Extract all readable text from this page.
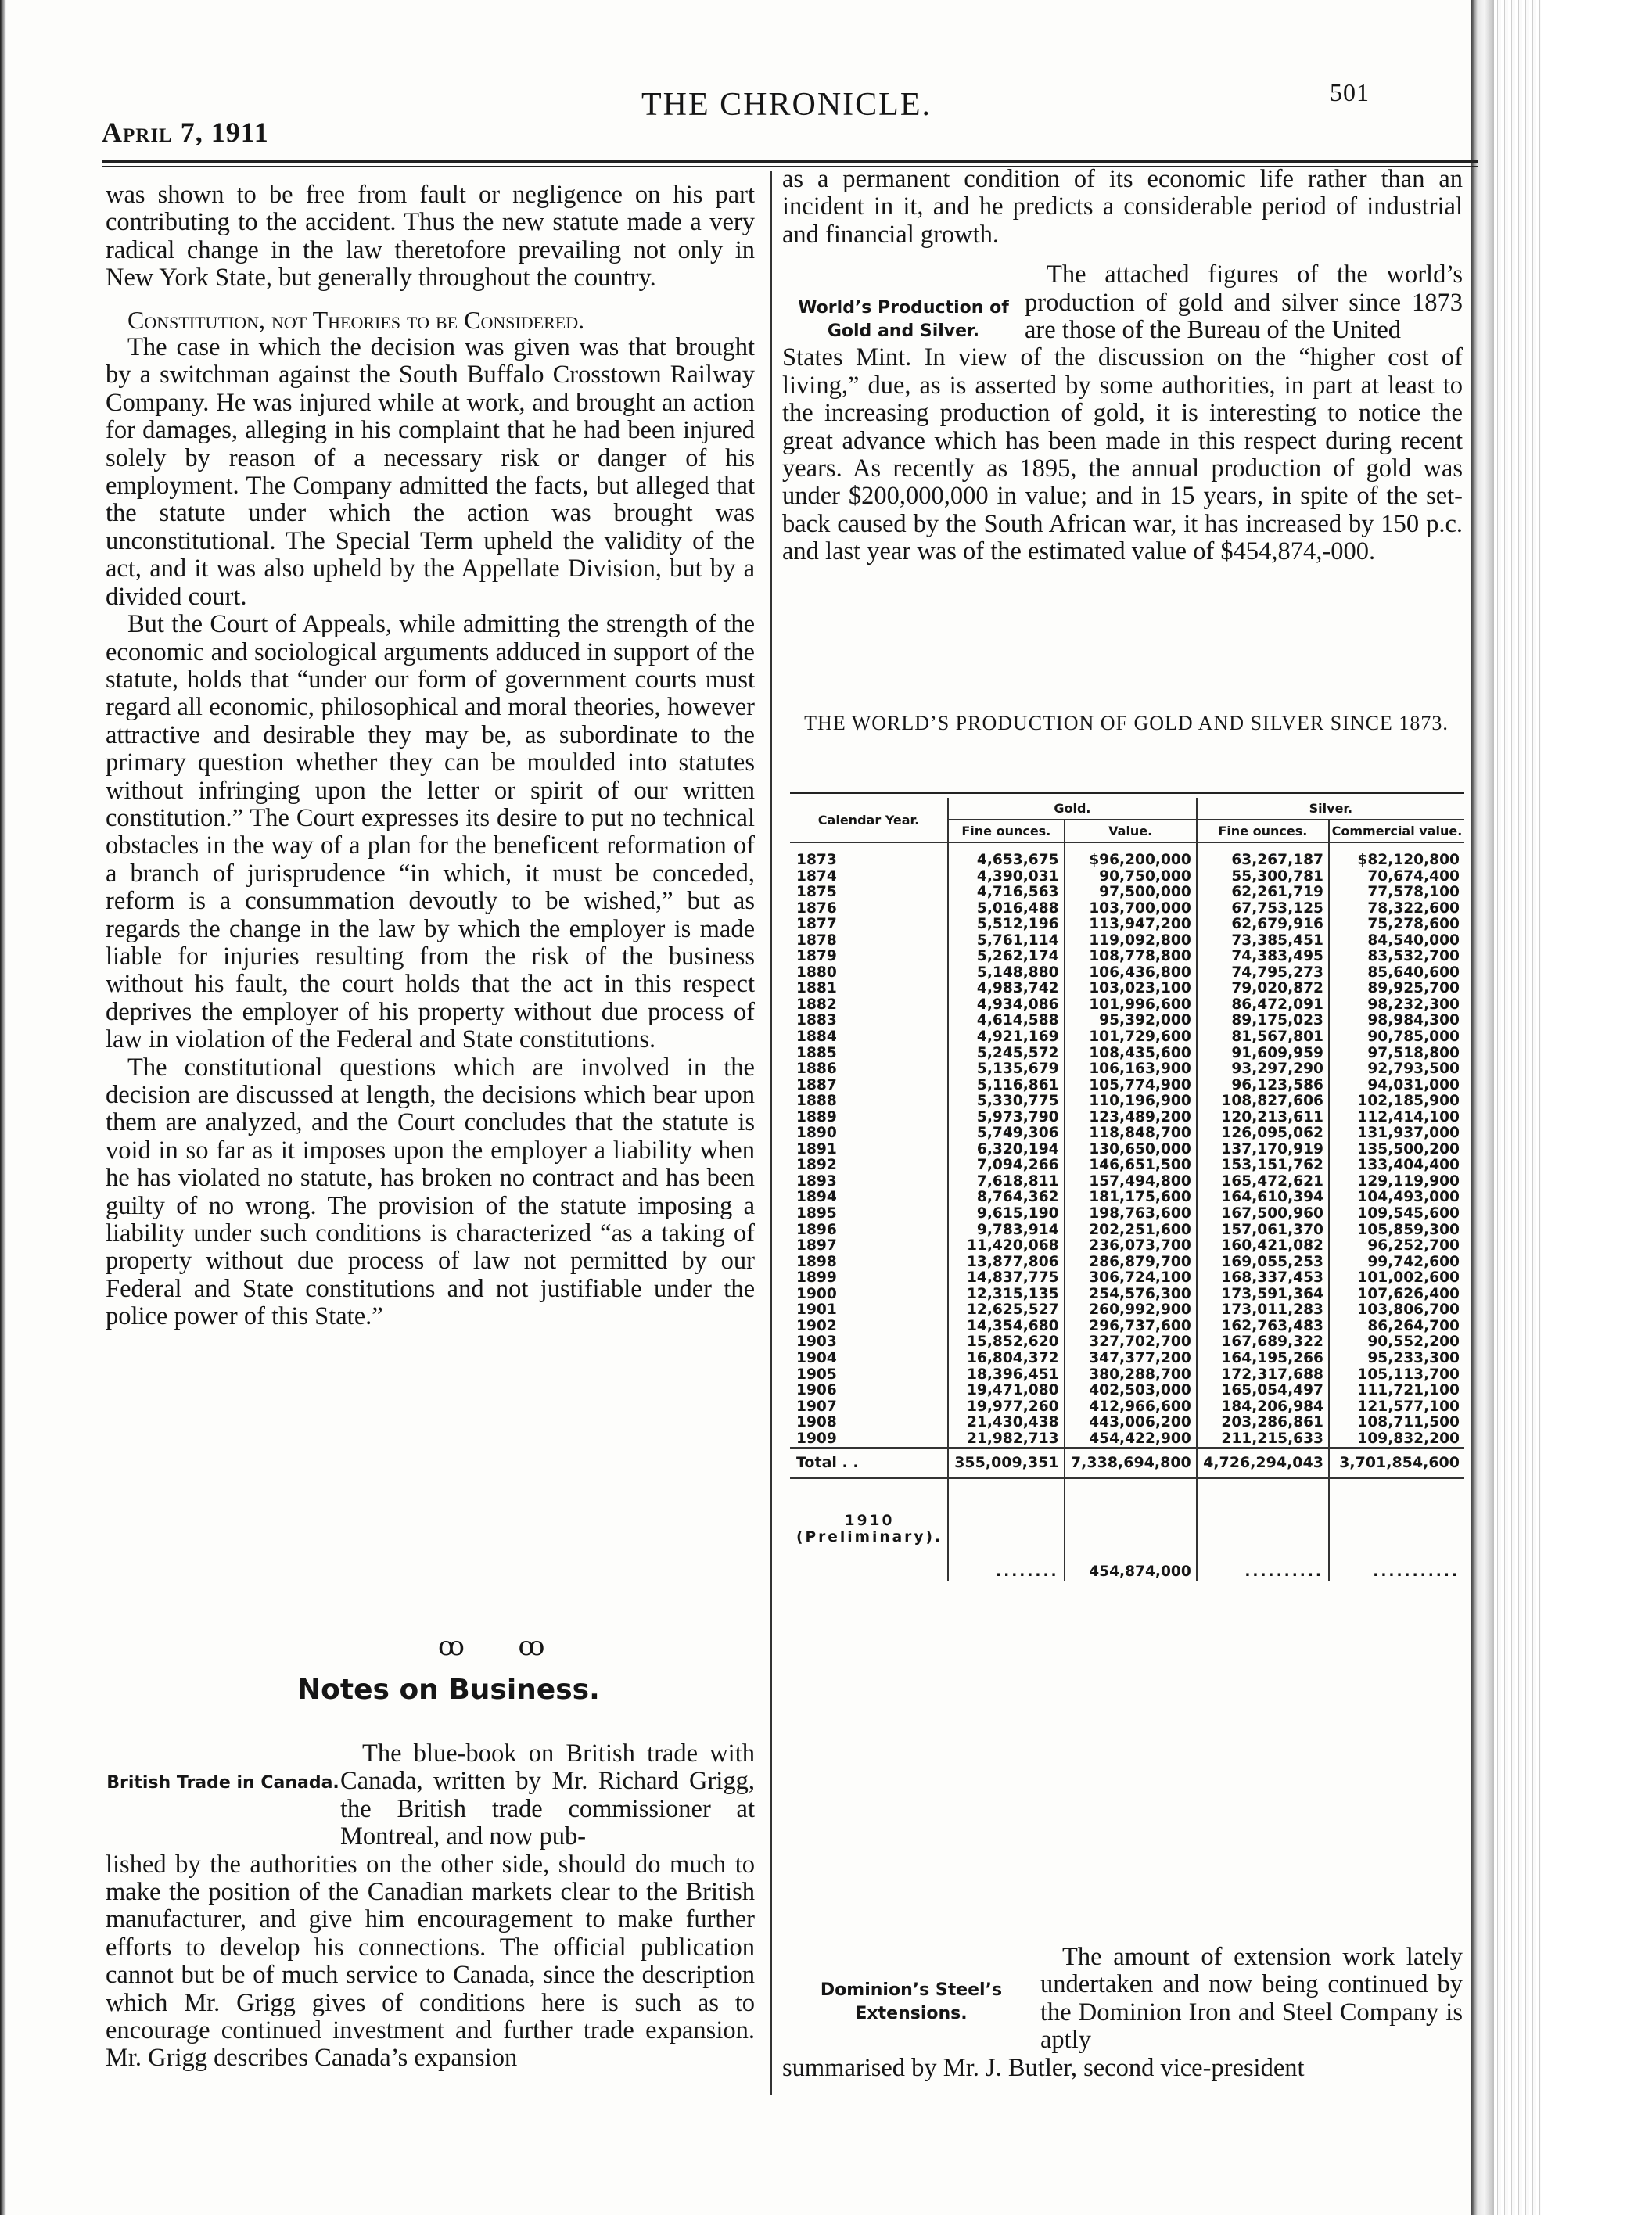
April 7, 1911
THE CHRONICLE.	501

was shown to be free from fault or negligence on his part contributing to the accident. Thus the new statute made a very radical change in the law theretofore prevailing not only in New York State, but generally throughout the country.

Constitution, not Theories to be Considered.

The case in which the decision was given was that brought by a switchman against the South Buffalo Crosstown Railway Company. He was injured while at work, and brought an action for damages, alleging in his complaint that he had been injured solely by reason of a necessary risk or danger of his employment. The Company admitted the facts, but alleged that the statute under which the action was brought was unconstitutional. The Special Term upheld the validity of the act, and it was also upheld by the Appellate Division, but by a divided court.

But the Court of Appeals, while admitting the strength of the economic and sociological arguments adduced in support of the statute, holds that “under our form of government courts must regard all economic, philosophical and moral theories, however attractive and desirable they may be, as subordinate to the primary question whether they can be moulded into statutes without infringing upon the letter or spirit of our written constitution.” The Court expresses its desire to put no technical obstacles in the way of a plan for the beneficent reformation of a branch of jurisprudence “in which, it must be conceded, reform is a consummation devoutly to be wished,” but as regards the change in the law by which the employer is made liable for injuries resulting from the risk of the business without his fault, the court holds that the act in this respect deprives the employer of his property without due process of law in violation of the Federal and State constitutions.

The constitutional questions which are involved in the decision are discussed at length, the decisions which bear upon them are analyzed, and the Court concludes that the statute is void in so far as it imposes upon the employer a liability when he has violated no statute, has broken no contract and has been guilty of no wrong. The provision of the statute imposing a liability under such conditions is characterized “as a taking of property without due process of law not permitted by our Federal and State constitutions and not justifiable under the police power of this State.”

ꝏ ꝏ
Notes on Business.
British Trade in Canada.

The blue-book on British trade with Canada, written by Mr. Richard Grigg, the British trade commissioner at Montreal, and now pub-

lished by the authorities on the other side, should do much to make the position of the Canadian markets clear to the British manufacturer, and give him encouragement to make further efforts to develop his connections. The official publication cannot but be of much service to Canada, since the description which Mr. Grigg gives of conditions here is such as to encourage continued investment and further trade expansion. Mr. Grigg describes Canada’s expansion

as a permanent condition of its economic life rather than an incident in it, and he predicts a considerable period of industrial and financial growth.

World’s Production of Gold and Silver.

The attached figures of the world’s production of gold and silver since 1873 are those of the Bureau of the United

States Mint. In view of the discussion on the “higher cost of living,” due, as is asserted by some authorities, in part at least to the increasing production of gold, it is interesting to notice the great advance which has been made in this respect during recent years. As recently as 1895, the annual production of gold was under $200,000,000 in value; and in 15 years, in spite of the set-back caused by the South African war, it has increased by 150 p.c. and last year was of the estimated value of $454,874,-000.

THE WORLD’S PRODUCTION OF GOLD AND SILVER SINCE 1873.
Calendar Year.	Gold.		Silver.	
	Fine ounces.	Value.	Fine ounces.	Commercial value.
1873	4,653,675	$96,200,000	63,267,187	$82,120,800
1874	4,390,031	90,750,000	55,300,781	70,674,400
1875	4,716,563	97,500,000	62,261,719	77,578,100
1876	5,016,488	103,700,000	67,753,125	78,322,600
1877	5,512,196	113,947,200	62,679,916	75,278,600
1878	5,761,114	119,092,800	73,385,451	84,540,000
1879	5,262,174	108,778,800	74,383,495	83,532,700
1880	5,148,880	106,436,800	74,795,273	85,640,600
1881	4,983,742	103,023,100	79,020,872	89,925,700
1882	4,934,086	101,996,600	86,472,091	98,232,300
1883	4,614,588	95,392,000	89,175,023	98,984,300
1884	4,921,169	101,729,600	81,567,801	90,785,000
1885	5,245,572	108,435,600	91,609,959	97,518,800
1886	5,135,679	106,163,900	93,297,290	92,793,500
1887	5,116,861	105,774,900	96,123,586	94,031,000
1888	5,330,775	110,196,900	108,827,606	102,185,900
1889	5,973,790	123,489,200	120,213,611	112,414,100
1890	5,749,306	118,848,700	126,095,062	131,937,000
1891	6,320,194	130,650,000	137,170,919	135,500,200
1892	7,094,266	146,651,500	153,151,762	133,404,400
1893	7,618,811	157,494,800	165,472,621	129,119,900
1894	8,764,362	181,175,600	164,610,394	104,493,000
1895	9,615,190	198,763,600	167,500,960	109,545,600
1896	9,783,914	202,251,600	157,061,370	105,859,300
1897	11,420,068	236,073,700	160,421,082	96,252,700
1898	13,877,806	286,879,700	169,055,253	99,742,600
1899	14,837,775	306,724,100	168,337,453	101,002,600
1900	12,315,135	254,576,300	173,591,364	107,626,400
1901	12,625,527	260,992,900	173,011,283	103,806,700
1902	14,354,680	296,737,600	162,763,483	86,264,700
1903	15,852,620	327,702,700	167,689,322	90,552,200
1904	16,804,372	347,377,200	164,195,266	95,233,300
1905	18,396,451	380,288,700	172,317,688	105,113,700
1906	19,471,080	402,503,000	165,054,497	111,721,100
1907	19,977,260	412,966,600	184,206,984	121,577,100
1908	21,430,438	443,006,200	203,286,861	108,711,500
1909	21,982,713	454,422,900	211,215,633	109,832,200
Total . .	355,009,351	7,338,694,800	4,726,294,043	3,701,854,600
1910 (Preliminary).	........	454,874,000	..........	...........
Dominion’s Steel’s Extensions.

The amount of extension work lately undertaken and now being continued by the Dominion Iron and Steel Company is aptly

summarised by Mr. J. Butler, second vice-president
